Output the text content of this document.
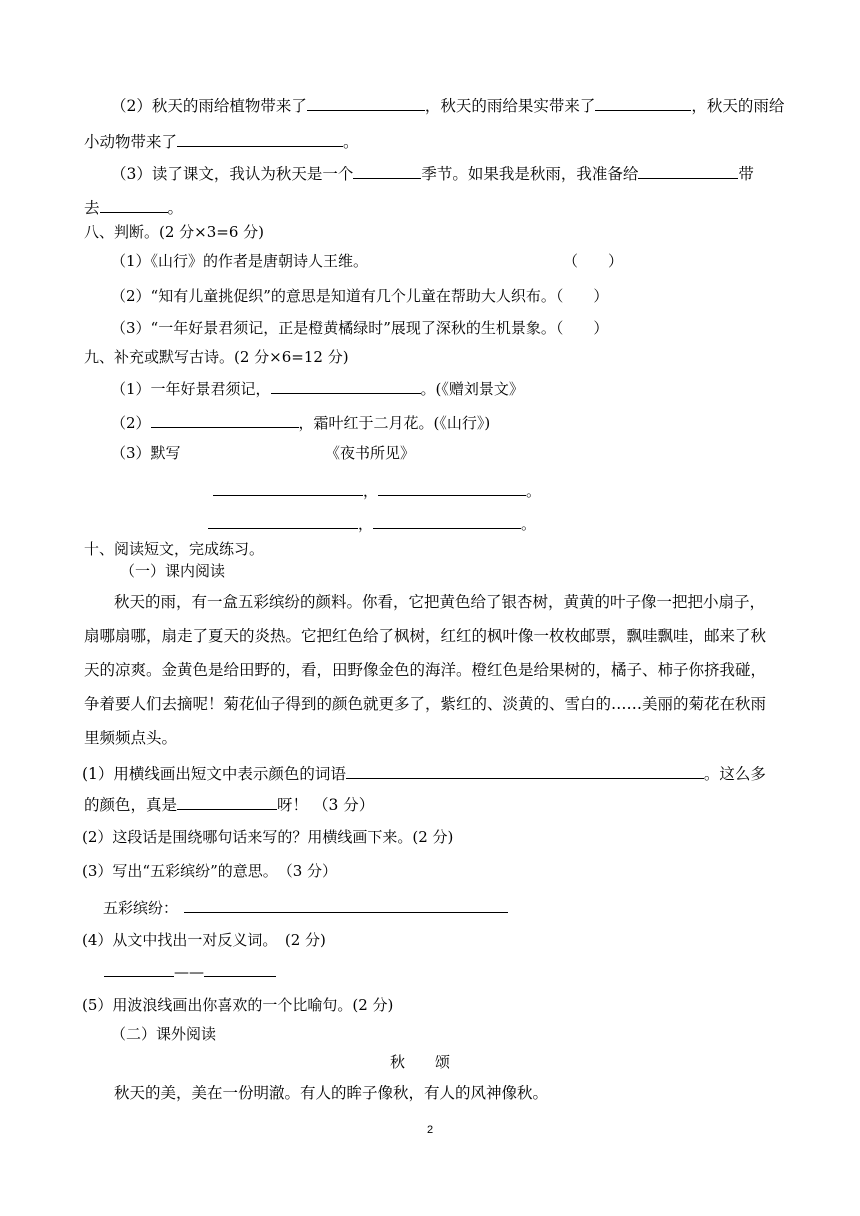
（2）秋天的雨给植物带来了	，秋天的雨给果实带来了	，秋天的雨给
小动物带来了	。
（3）读了课文，我认为秋天是一个	季节。如果我是秋雨，我准备给	带
去	。
八、判断。(2 分×3=6 分)
（1）《山行》的作者是唐朝诗人王维。	（　　）
（2）“知有儿童挑促织”的意思是知道有几个儿童在帮助大人织布。（　　）
（3）“一年好景君须记，正是橙黄橘绿时”展现了深秋的生机景象。（　　）
九、补充或默写古诗。(2 分×6=12 分)
（1）一年好景君须记，	。(《赠刘景文》
（2）	，霜叶红于二月花。(《山行》)
（3）默写	《夜书所见》
，	。
，	。
十、阅读短文，完成练习。
（一）课内阅读
秋天的雨，有一盒五彩缤纷的颜料。你看，它把黄色给了银杏树，黄黄的叶子像一把把小扇子，
扇哪扇哪，扇走了夏天的炎热。它把红色给了枫树，红红的枫叶像一枚枚邮票，飘哇飘哇，邮来了秋
天的凉爽。金黄色是给田野的，看，田野像金色的海洋。橙红色是给果树的，橘子、柿子你挤我碰，
争着要人们去摘呢！菊花仙子得到的颜色就更多了，紫红的、淡黄的、雪白的……美丽的菊花在秋雨
里频频点头。
(1）用横线画出短文中表示颜色的词语	。这么多
的颜色，真是	呀！ （3 分）
(2）这段话是围绕哪句话来写的？用横线画下来。(2 分)
(3）写出“五彩缤纷”的意思。　（3 分）
五彩缤纷：
(4）从文中找出一对反义词。　(2 分)
——
(5）用波浪线画出你喜欢的一个比喻句。(2 分)
（二）课外阅读
秋　　颂
秋天的美，美在一份明澈。有人的眸子像秋，有人的风神像秋。
2
